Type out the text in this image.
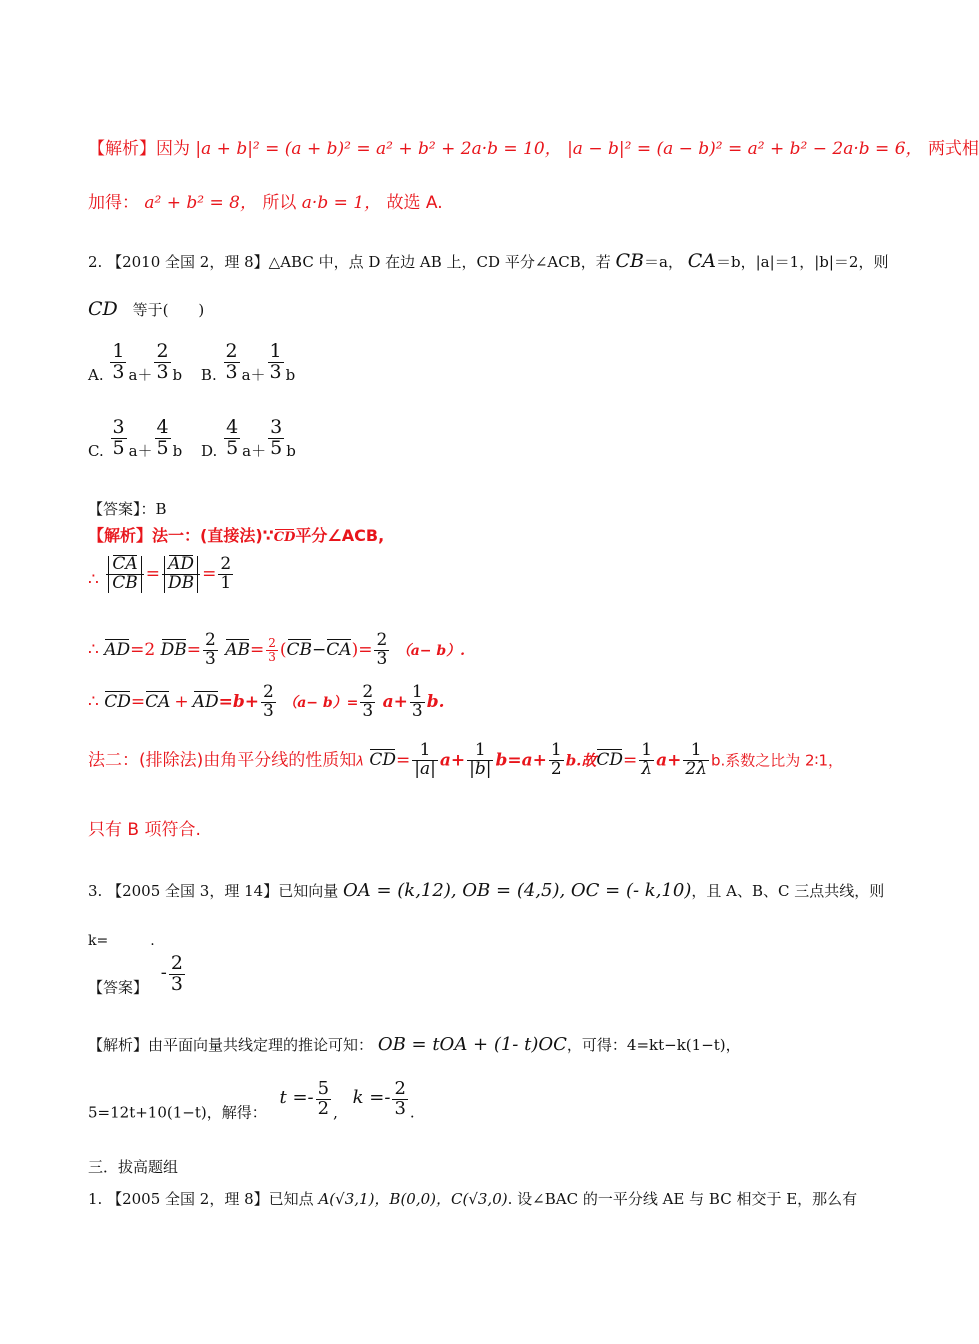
【解析】因为 |a + b|² = (a + b)² = a² + b² + 2a·b = 10， |a − b|² = (a − b)² = a² + b² − 2a·b = 6， 两式相
加得： a² + b² = 8， 所以 a·b = 1， 故选 A.
2. 【2010 全国 2，理 8】△ABC 中，点 D 在边 AB 上，CD 平分∠ACB，若 CB＝a， CA＝b，|a|＝1，|b|＝2，则
CD 等于(　　)
A. $\frac{1}{3} a+ \frac{2}{3}$ b B. $\frac{2}{3} a+ \frac{1}{3}$ b
C. $\frac{3}{5} a+ \frac{4}{5}$ b D. $\frac{4}{5} a+ \frac{3}{5}$ b
【答案】：B
【解析】法一：(直接法)∵CD平分∠ACB,
∴ $\frac{CA}{CB} = \frac{AD}{DB} = \frac{2}{1}$
∴ AD=2 $DB= \frac{2}{3} AB= \frac{2}{3} (CB-CA)= \frac{2}{3} (a- b)$.
∴ $CD=CA + AD=b+ \frac{2}{3} (a- b)= \frac{2}{3} a+ \frac{1}{3} b$.
法二：(排除法)由角平分线的性质知λ $CD= \frac{1}{|a|} a+ \frac{1}{|b|} b=a+ \frac{1}{2} b$.故$CD= \frac{1}{\lambda} a+ \frac{1}{2\lambda} b$.系数之比为 2∶1，
只有 B 项符合.
3. 【2005 全国 3，理 14】已知向量 OA = (k,12), OB = (4,5), OC = (- k,10)，且 A、B、C 三点共线，则
k=　　　.
【答案】 - $\frac{2}{3}$
【解析】由平面向量共线定理的推论可知： OB = tOA + (1- t)OC，可得：4=kt−k(1−t)，
5=12t+10(1−t)，解得： $t =- \frac{5}{2}$ , $k =- \frac{2}{3}$ .
三．拔高题组
1. 【2005 全国 2，理 8】已知点 A(√3,1)，B(0,0)，C(√3,0). 设∠BAC 的一平分线 AE 与 BC 相交于 E，那么有
